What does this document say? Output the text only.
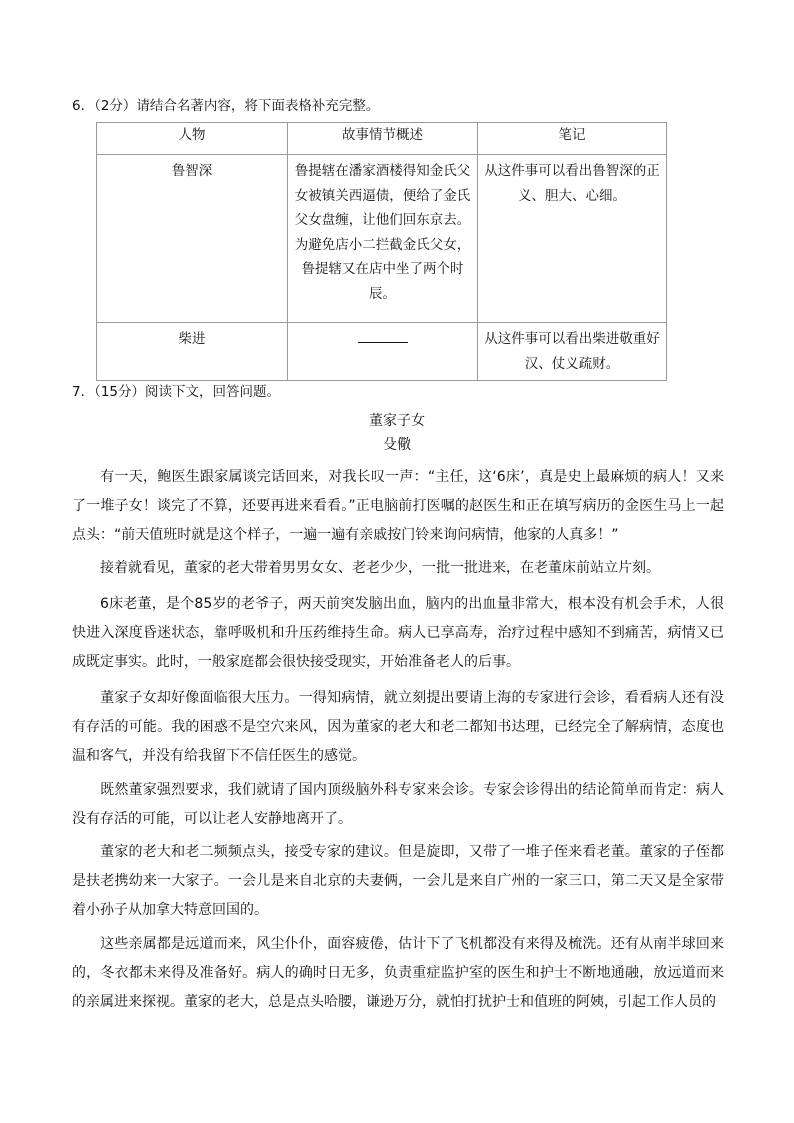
6．（2分）请结合名著内容，将下面表格补充完整。
人物	故事情节概述	笔记

鲁智深	鲁提辖在潘家酒楼得知金氏父女被镇关西逼债，便给了金氏父女盘缠，让他们回东京去。为避免店小二拦截金氏父女，鲁提辖又在店中坐了两个时辰。	从这件事可以看出鲁智深的正义、胆大、心细。

柴进		从这件事可以看出柴进敬重好汉、仗义疏财。
7．（15分）阅读下文，回答问题。
董家子女
殳儆
有一天，鲍医生跟家属谈完话回来，对我长叹一声：“主任，这‘6床’，真是史上最麻烦的病人！又来了一堆子女！谈完了不算，还要再进来看看。”正电脑前打医嘱的赵医生和正在填写病历的金医生马上一起点头：“前天值班时就是这个样子，一遍一遍有亲戚按门铃来询问病情，他家的人真多！”
接着就看见，董家的老大带着男男女女、老老少少，一批一批进来，在老董床前站立片刻。
6床老董，是个85岁的老爷子，两天前突发脑出血，脑内的出血量非常大，根本没有机会手术，人很快进入深度昏迷状态，靠呼吸机和升压药维持生命。病人已享高寿，治疗过程中感知不到痛苦，病情又已成既定事实。此时，一般家庭都会很快接受现实，开始准备老人的后事。
董家子女却好像面临很大压力。一得知病情，就立刻提出要请上海的专家进行会诊，看看病人还有没有存活的可能。我的困惑不是空穴来风，因为董家的老大和老二都知书达理，已经完全了解病情，态度也温和客气，并没有给我留下不信任医生的感觉。
既然董家强烈要求，我们就请了国内顶级脑外科专家来会诊。专家会诊得出的结论简单而肯定：病人没有存活的可能，可以让老人安静地离开了。
董家的老大和老二频频点头，接受专家的建议。但是旋即，又带了一堆子侄来看老董。董家的子侄都是扶老携幼来一大家子。一会儿是来自北京的夫妻俩，一会儿是来自广州的一家三口，第二天又是全家带着小孙子从加拿大特意回国的。
这些亲属都是远道而来，风尘仆仆，面容疲倦，估计下了飞机都没有来得及梳洗。还有从南半球回来的，冬衣都未来得及准备好。病人的确时日无多，负责重症监护室的医生和护士不断地通融，放远道而来的亲属进来探视。董家的老大，总是点头哈腰，谦逊万分，就怕打扰护士和值班的阿姨，引起工作人员的
